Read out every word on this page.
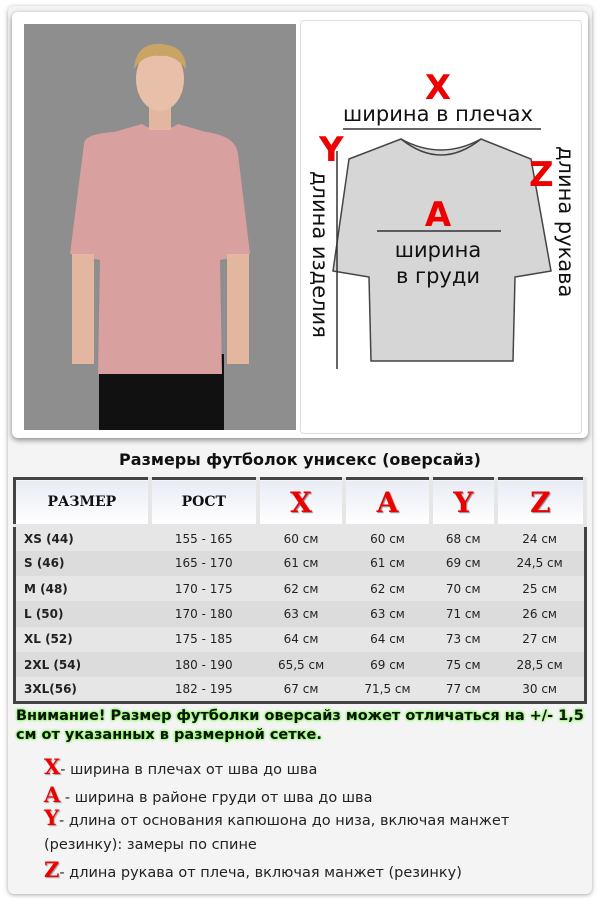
X
ширина в плечах
Y
длина изделия	Z длина рукава
A
ширина
в груди
Размеры футболок унисекс (оверсайз)
РАЗМЕР	РОСТ	X	A	Y	Z
XS (44)	155 - 165	60 см	60 см	68 см	24 см
S (46)	165 - 170	61 см	61 см	69 см	24,5 см
M (48)	170 - 175	62 см	62 см	70 см	25 см
L (50)	170 - 180	63 см	63 см	71 см	26 см
XL (52)	175 - 185	64 см	64 см	73 см	27 см
2XL (54)	180 - 190	65,5 см	69 см	75 см	28,5 см
3XL(56)	182 - 195	67 см	71,5 см	77 см	30 см
Внимание! Размер футболки оверсайз может отличаться на +/- 1,5 см от указанных в размерной сетке.
X- ширина в плечах от шва до шва
A - ширина в районе груди от шва до шва
Y- длина от основания капюшона до низа, включая манжет (резинку): замеры по спине
Z- длина рукава от плеча, включая манжет (резинку)
